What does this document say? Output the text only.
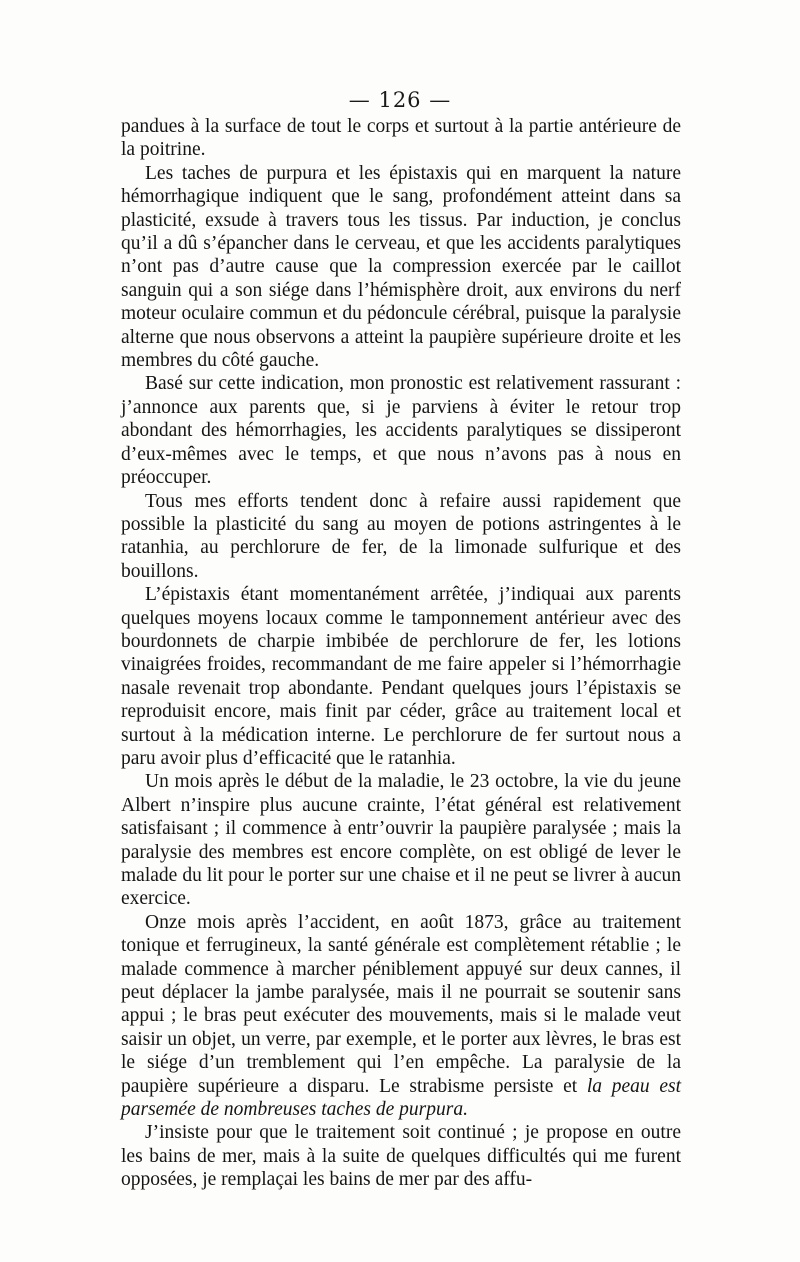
— 126 —

pandues à la surface de tout le corps et surtout à la partie antérieure de la poitrine.

Les taches de purpura et les épistaxis qui en marquent la nature hémorrhagique indiquent que le sang, profondément atteint dans sa plasticité, exsude à travers tous les tissus. Par induction, je conclus qu’il a dû s’épancher dans le cerveau, et que les accidents paralytiques n’ont pas d’autre cause que la compression exercée par le caillot sanguin qui a son siége dans l’hémisphère droit, aux environs du nerf moteur oculaire commun et du pédoncule cérébral, puisque la paralysie alterne que nous observons a atteint la paupière supérieure droite et les membres du côté gauche.

Basé sur cette indication, mon pronostic est relativement rassurant : j’annonce aux parents que, si je parviens à éviter le retour trop abondant des hémorrhagies, les accidents paralytiques se dissiperont d’eux-mêmes avec le temps, et que nous n’avons pas à nous en préoccuper.

Tous mes efforts tendent donc à refaire aussi rapidement que possible la plasticité du sang au moyen de potions astringentes à le ratanhia, au perchlorure de fer, de la limonade sulfurique et des bouillons.

L’épistaxis étant momentanément arrêtée, j’indiquai aux parents quelques moyens locaux comme le tamponnement antérieur avec des bourdonnets de charpie imbibée de perchlorure de fer, les lotions vinaigrées froides, recommandant de me faire appeler si l’hémorrhagie nasale revenait trop abondante. Pendant quelques jours l’épistaxis se reproduisit encore, mais finit par céder, grâce au traitement local et surtout à la médication interne. Le perchlorure de fer surtout nous a paru avoir plus d’efficacité que le ratanhia.

Un mois après le début de la maladie, le 23 octobre, la vie du jeune Albert n’inspire plus aucune crainte, l’état général est relativement satisfaisant ; il commence à entr’ouvrir la paupière paralysée ; mais la paralysie des membres est encore complète, on est obligé de lever le malade du lit pour le porter sur une chaise et il ne peut se livrer à aucun exercice.

Onze mois après l’accident, en août 1873, grâce au traitement tonique et ferrugineux, la santé générale est complètement rétablie ; le malade commence à marcher péniblement appuyé sur deux cannes, il peut déplacer la jambe paralysée, mais il ne pourrait se soutenir sans appui ; le bras peut exécuter des mouvements, mais si le malade veut saisir un objet, un verre, par exemple, et le porter aux lèvres, le bras est le siége d’un tremblement qui l’en empêche. La paralysie de la paupière supérieure a disparu. Le strabisme persiste et la peau est parsemée de nombreuses taches de purpura.

J’insiste pour que le traitement soit continué ; je propose en outre les bains de mer, mais à la suite de quelques difficultés qui me furent opposées, je remplaçai les bains de mer par des affu-
